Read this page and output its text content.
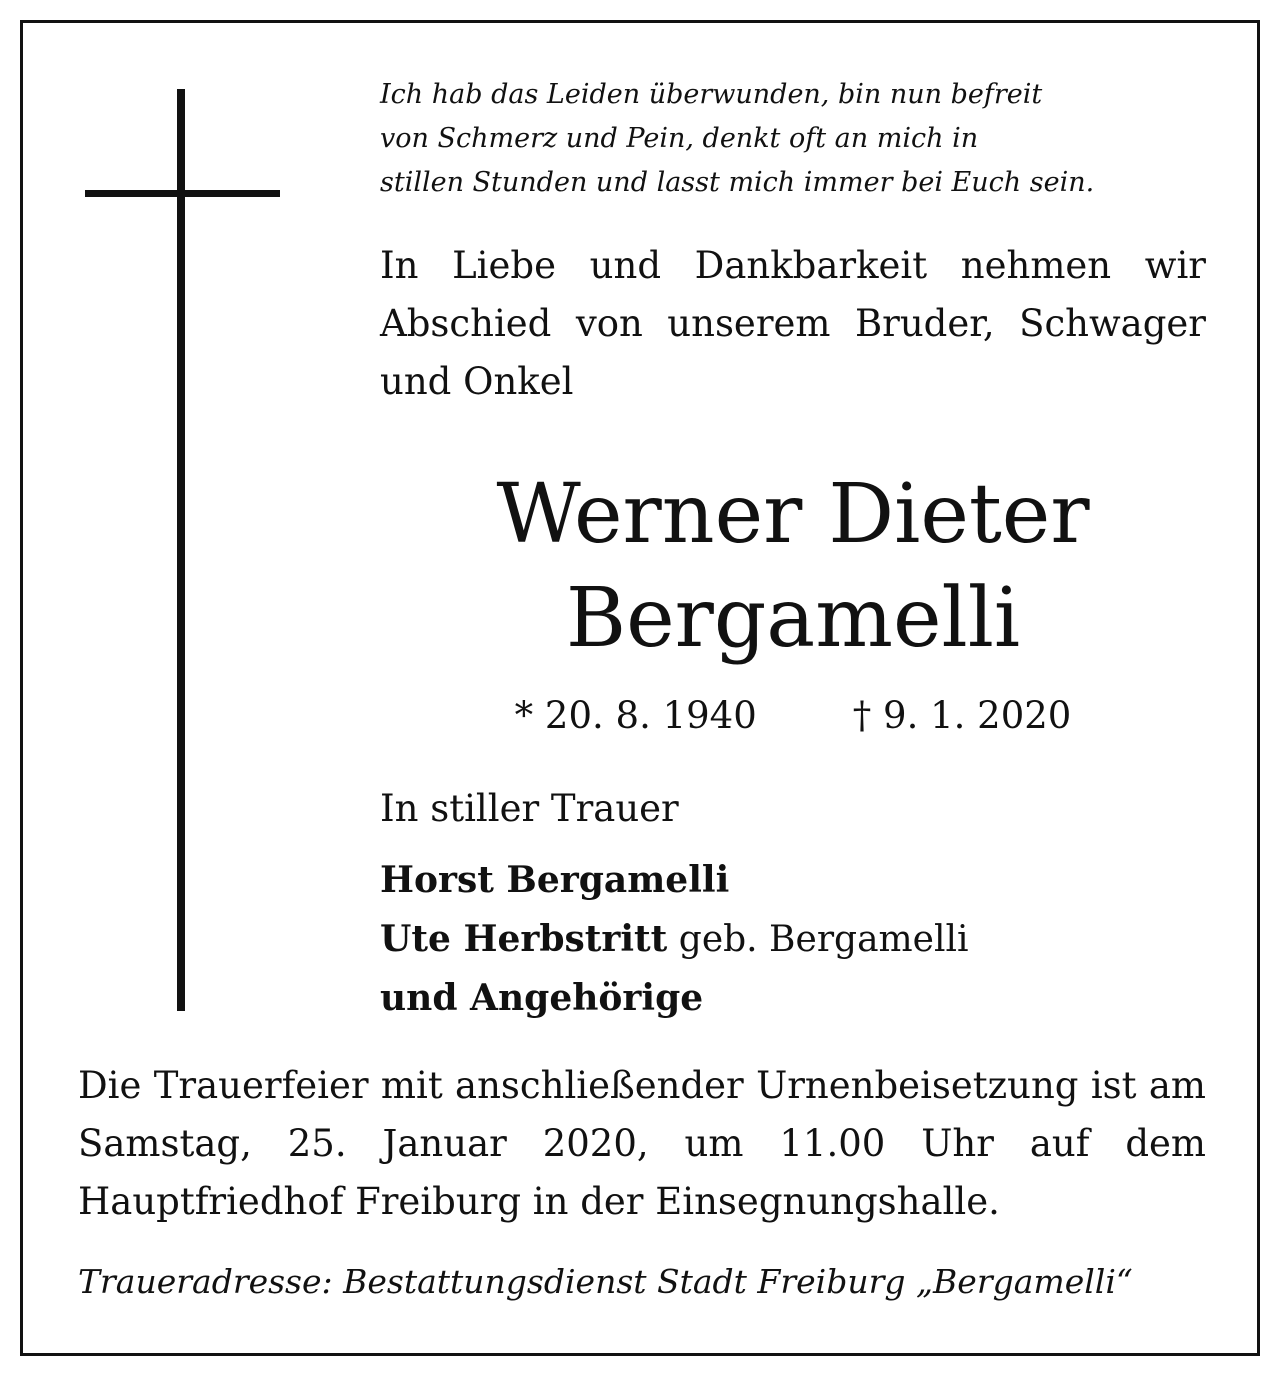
Ich hab das Leiden überwunden, bin nun befreit
von Schmerz und Pein, denkt oft an mich in
stillen Stunden und lasst mich immer bei Euch sein.
In Liebe und Dankbarkeit nehmen wir Abschied von unserem Bruder, Schwager und Onkel
Werner Dieter
Bergamelli
* 20. 8. 1940	† 9. 1. 2020
In stiller Trauer
Horst Bergamelli
Ute Herbstritt geb. Bergamelli
und Angehörige
Die Trauerfeier mit anschließender Urnenbeisetzung ist am Samstag, 25. Januar 2020, um 11.00 Uhr auf dem Hauptfriedhof Freiburg in der Einsegnungshalle.
Traueradresse: Bestattungsdienst Stadt Freiburg „Bergamelli“
